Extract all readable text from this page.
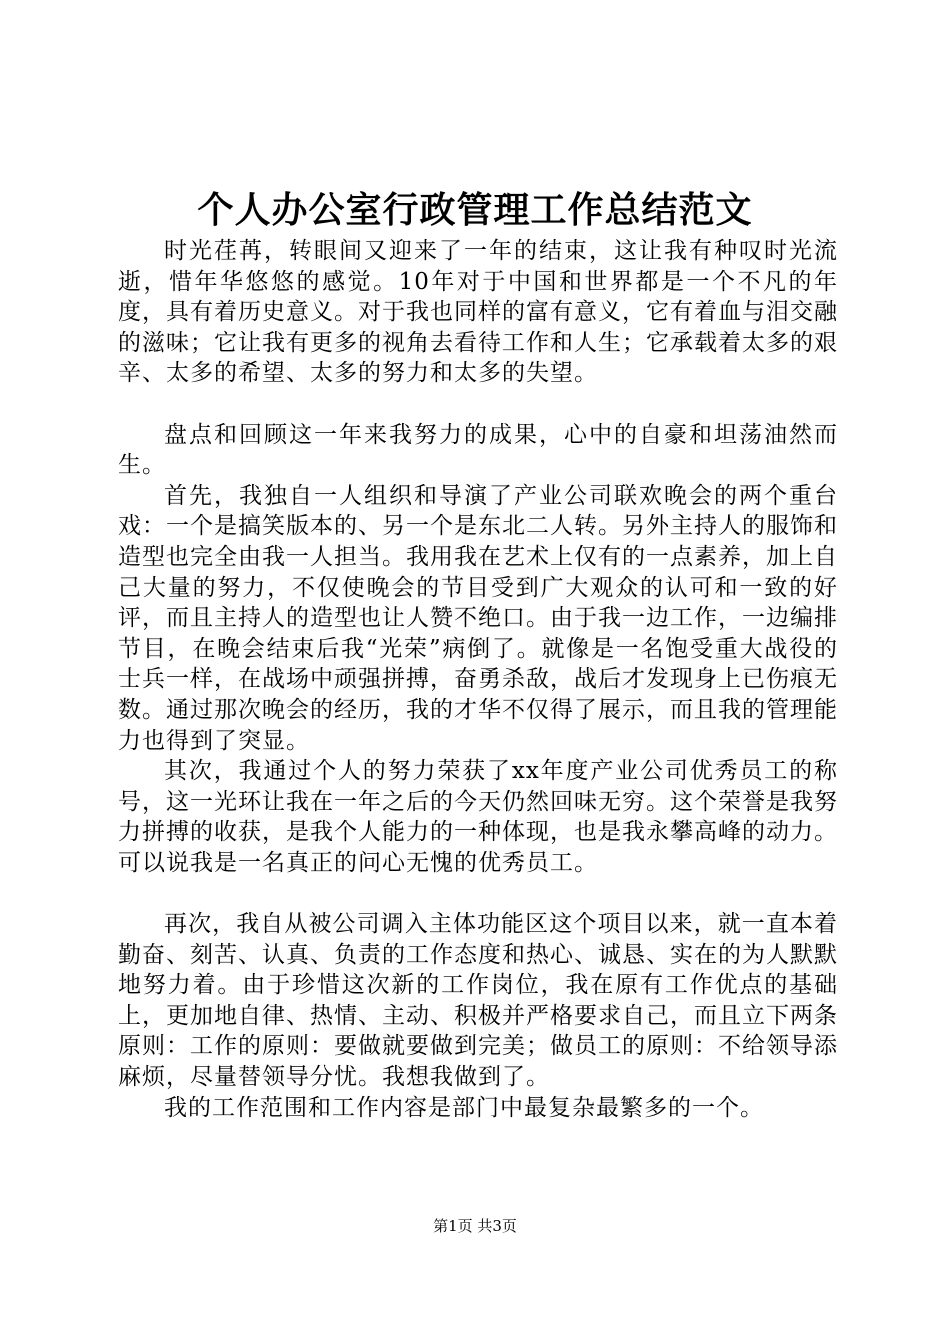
个人办公室行政管理工作总结范文

时光荏苒，转眼间又迎来了一年的结束，这让我有种叹时光流逝，惜年华悠悠的感觉。10年对于中国和世界都是一个不凡的年度，具有着历史意义。对于我也同样的富有意义，它有着血与泪交融的滋味；它让我有更多的视角去看待工作和人生；它承载着太多的艰辛、太多的希望、太多的努力和太多的失望。

盘点和回顾这一年来我努力的成果，心中的自豪和坦荡油然而生。

首先，我独自一人组织和导演了产业公司联欢晚会的两个重台戏：一个是搞笑版本的、另一个是东北二人转。另外主持人的服饰和造型也完全由我一人担当。我用我在艺术上仅有的一点素养，加上自己大量的努力，不仅使晚会的节目受到广大观众的认可和一致的好评，而且主持人的造型也让人赞不绝口。由于我一边工作，一边编排节目，在晚会结束后我“光荣”病倒了。就像是一名饱受重大战役的士兵一样，在战场中顽强拼搏，奋勇杀敌，战后才发现身上已伤痕无数。通过那次晚会的经历，我的才华不仅得了展示，而且我的管理能力也得到了突显。

其次，我通过个人的努力荣获了xx年度产业公司优秀员工的称号，这一光环让我在一年之后的今天仍然回味无穷。这个荣誉是我努力拼搏的收获，是我个人能力的一种体现，也是我永攀高峰的动力。可以说我是一名真正的问心无愧的优秀员工。

再次，我自从被公司调入主体功能区这个项目以来，就一直本着勤奋、刻苦、认真、负责的工作态度和热心、诚恳、实在的为人默默地努力着。由于珍惜这次新的工作岗位，我在原有工作优点的基础上，更加地自律、热情、主动、积极并严格要求自己，而且立下两条原则：工作的原则：要做就要做到完美；做员工的原则：不给领导添麻烦，尽量替领导分忧。我想我做到了。

我的工作范围和工作内容是部门中最复杂最繁多的一个。

第1页 共3页
